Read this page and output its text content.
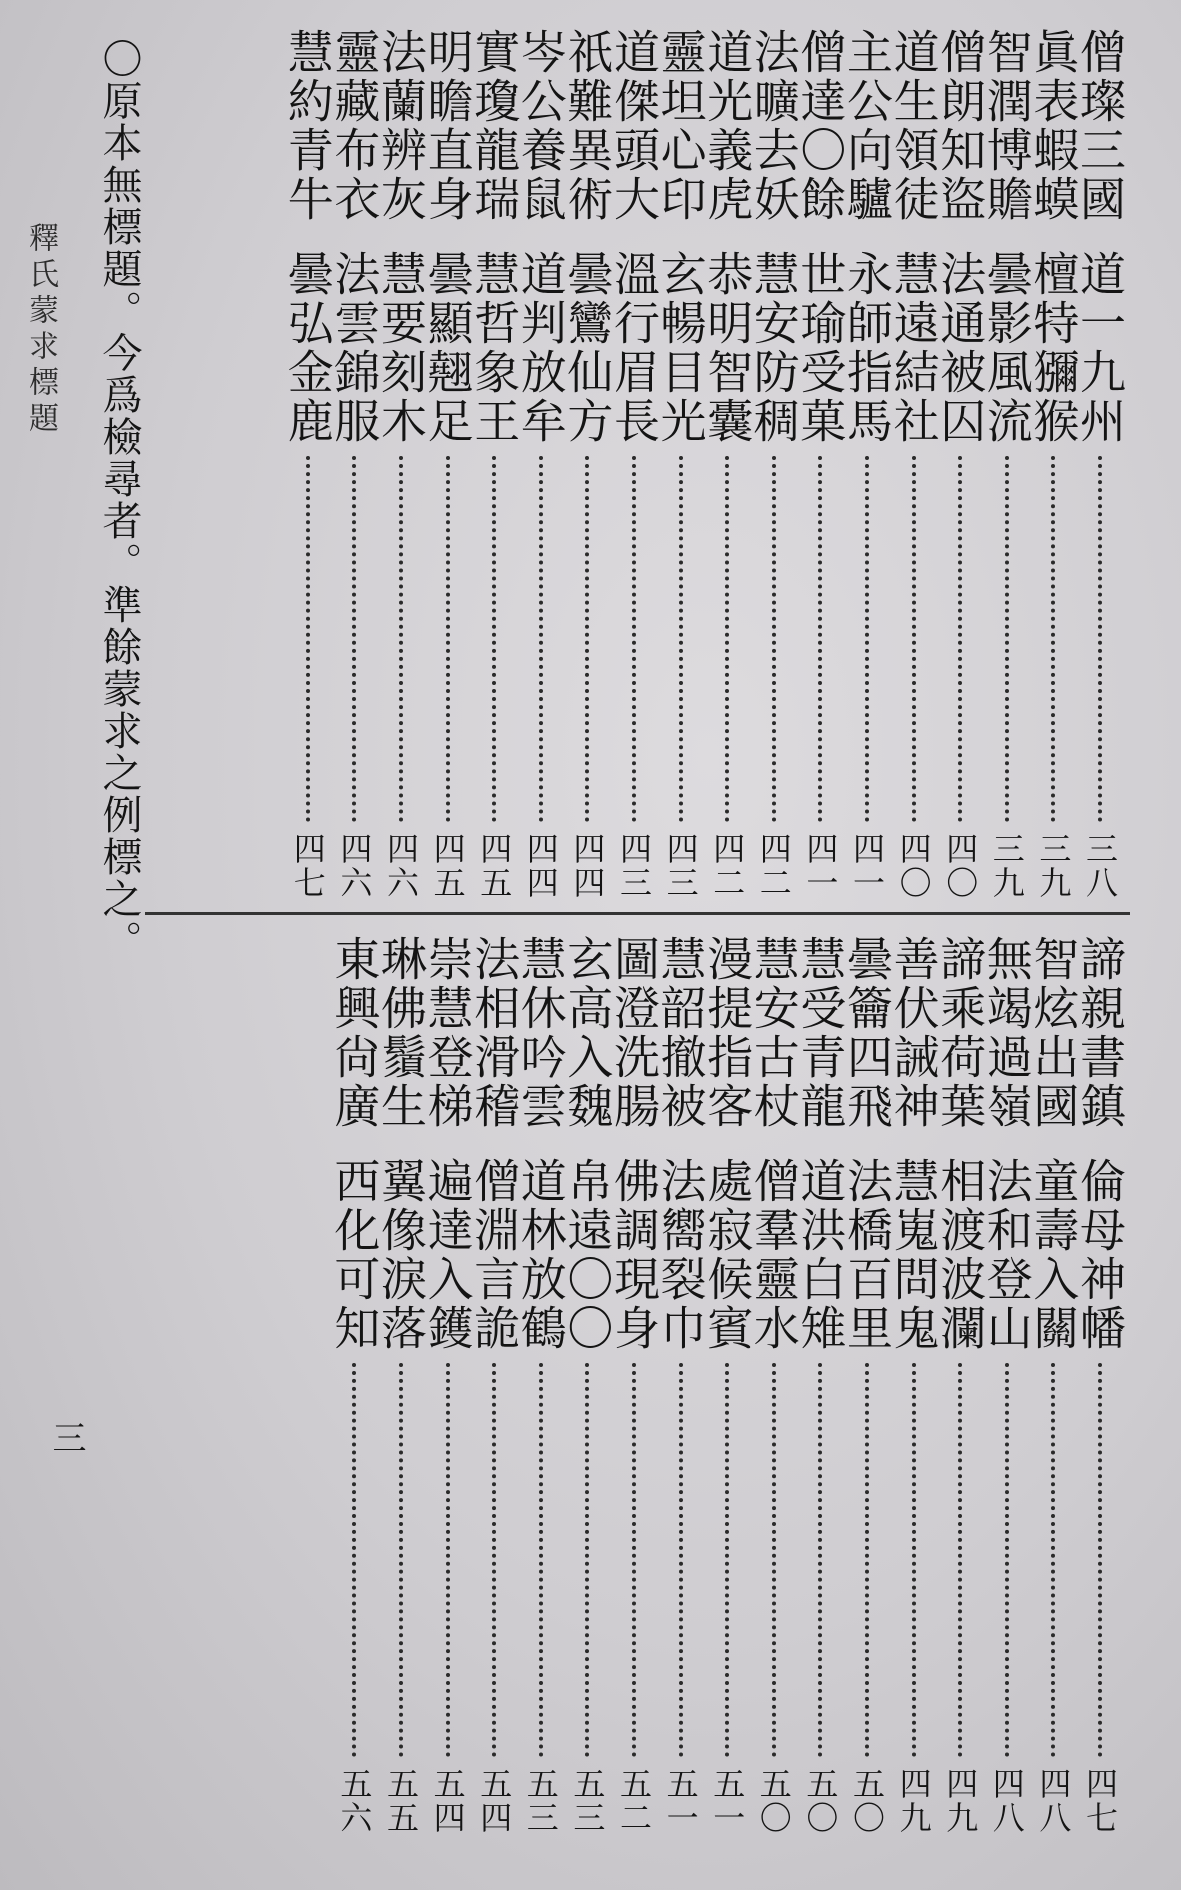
釋氏蒙求標題 〇原本無標題。今爲檢尋者。準餘蒙求之例標之。	僧璨三國
道一九州
三八
眞表蝦蟆
檀特獼猴
三九
智潤博贍
曇影風流
三九
僧朗知盜
法通被囚
四〇
道生領徒
慧遠結社
四〇
主公向驢
永師指馬
四一
僧達〇餘
世瑜受菓
四一
法曠去妖
慧安防稠
四二
道光義虎
恭明智囊
四二
靈坦心印
玄暢目光
四三
道傑頭大
溫行眉長
四三
祇難異術
曇鸞仙方
四四
岑公養鼠
道判放牟
四四
實瓊龍瑞
慧哲象王
四五
明瞻直身
曇顯翹足
四五
法蘭辨灰
慧要刻木
四六
靈藏布衣
法雲錦服
四六
慧約青牛
曇弘金鹿
四七
諦親書鎮
倫母神幡
四七
智炫出國
童壽入關
四八
無竭過嶺
法和登山
四八
諦乘荷葉
相渡波瀾
四九
善伏誡神
慧嵬問鬼
四九
曇籥四飛
法橋百里
五〇
慧受青龍
道洪白雉
五〇
慧安古杖
僧羣靈水
五〇
漫提指客
處寂候賓
五一
慧韶撤被
法嚮裂巾
五一
圖澄洗腸
佛調現身
五二
玄高入魏
帛遠〇〇
五三
慧休吟雲
道林放鶴
五三
法相滑稽
僧淵言詭
五四
崇慧登梯
遍達入鑊
五四
琳佛鬚生
翼像淚落
五五
東興尙廣
西化可知
五六
三
